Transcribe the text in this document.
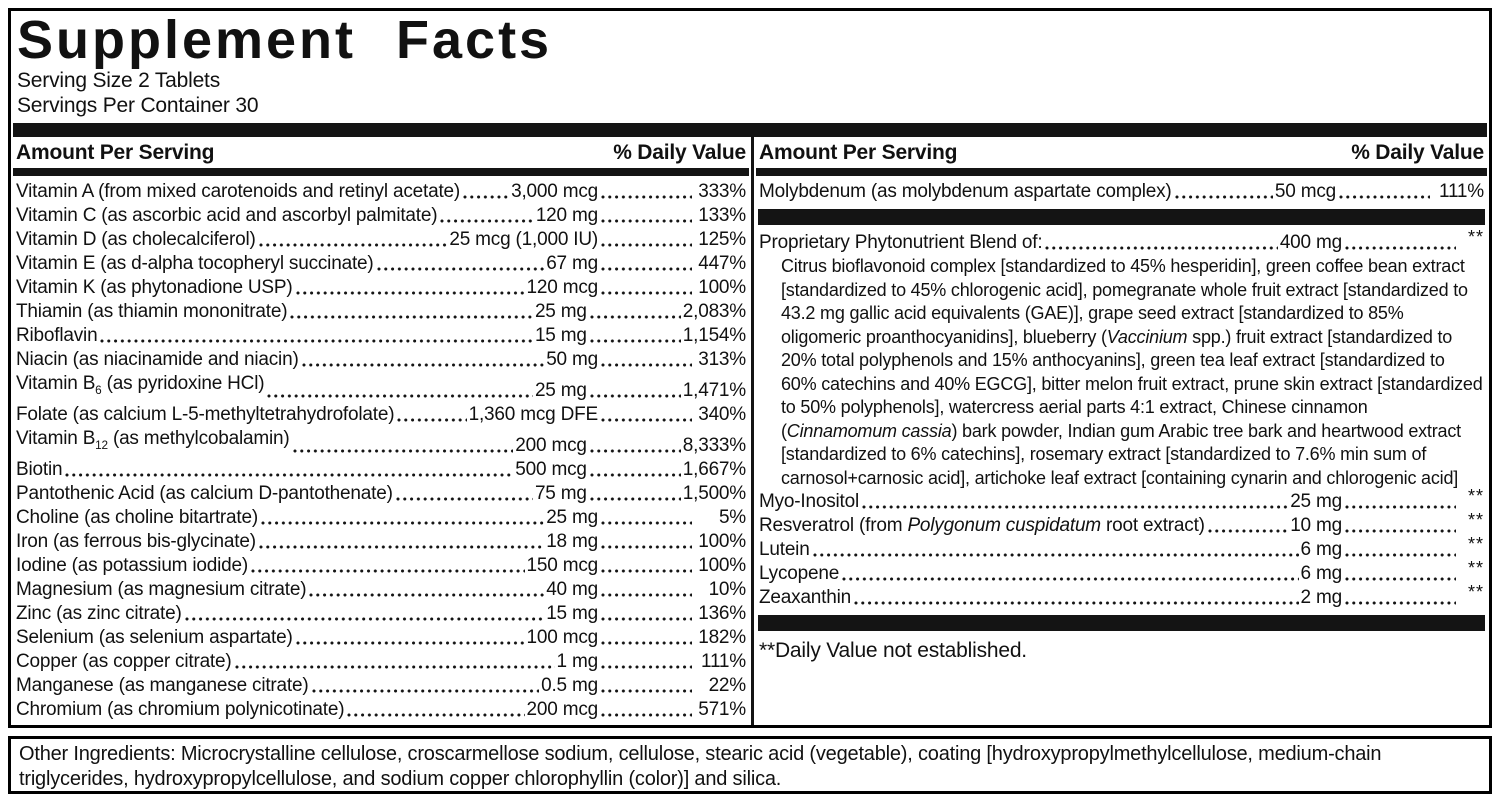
Supplement Facts
Serving Size 2 Tablets
Servings Per Container 30
Amount Per Serving	% Daily Value
Vitamin A (from mixed carotenoids and retinyl acetate)	3,000 mcg	333%
Vitamin C (as ascorbic acid and ascorbyl palmitate)	120 mg	133%
Vitamin D (as cholecalciferol)	25 mcg (1,000 IU)	125%
Vitamin E (as d-alpha tocopheryl succinate)	67 mg	447%
Vitamin K (as phytonadione USP)	120 mcg	100%
Thiamin (as thiamin mononitrate)	25 mg	2,083%
Riboflavin	15 mg	1,154%
Niacin (as niacinamide and niacin)	50 mg	313%
Vitamin $B_6$ (as pyridoxine HCl)	25 mg	1,471%
Folate (as calcium L-5-methyltetrahydrofolate)	1,360 mcg DFE	340%
Vitamin $B_{12}$ (as methylcobalamin)	200 mcg	8,333%
Biotin	500 mcg	1,667%
Pantothenic Acid (as calcium D-pantothenate)	75 mg	1,500%
Choline (as choline bitartrate)	25 mg	5%
Iron (as ferrous bis-glycinate)	18 mg	100%
Iodine (as potassium iodide)	150 mcg	100%
Magnesium (as magnesium citrate)	40 mg	10%
Zinc (as zinc citrate)	15 mg	136%
Selenium (as selenium aspartate)	100 mcg	182%
Copper (as copper citrate)	1 mg	111%
Manganese (as manganese citrate)	0.5 mg	22%
Chromium (as chromium polynicotinate)	200 mcg	571%
Amount Per Serving	% Daily Value
Molybdenum (as molybdenum aspartate complex)	50 mcg	111%
Proprietary Phytonutrient Blend of:	400 mg	**
Citrus bioflavonoid complex [standardized to 45% hesperidin], green coffee bean extract [standardized to 45% chlorogenic acid], pomegranate whole fruit extract [standardized to 43.2 mg gallic acid equivalents (GAE)], grape seed extract [standardized to 85% oligomeric proanthocyanidins], blueberry (Vaccinium spp.) fruit extract [standardized to 20% total polyphenols and 15% anthocyanins], green tea leaf extract [standardized to 60% catechins and 40% EGCG], bitter melon fruit extract, prune skin extract [standardized to 50% polyphenols], watercress aerial parts 4:1 extract, Chinese cinnamon (Cinnamomum cassia) bark powder, Indian gum Arabic tree bark and heartwood extract [standardized to 6% catechins], rosemary extract [standardized to 7.6% min sum of carnosol+carnosic acid], artichoke leaf extract [containing cynarin and chlorogenic acid]
Myo-Inositol	25 mg	**
Resveratrol (from Polygonum cuspidatum root extract)	10 mg	**
Lutein	6 mg	**
Lycopene	6 mg	**
Zeaxanthin	2 mg	**
**Daily Value not established.
Other Ingredients: Microcrystalline cellulose, croscarmellose sodium, cellulose, stearic acid (vegetable), coating [hydroxypropylmethylcellulose, medium-chain triglycerides, hydroxypropylcellulose, and sodium copper chlorophyllin (color)] and silica.
